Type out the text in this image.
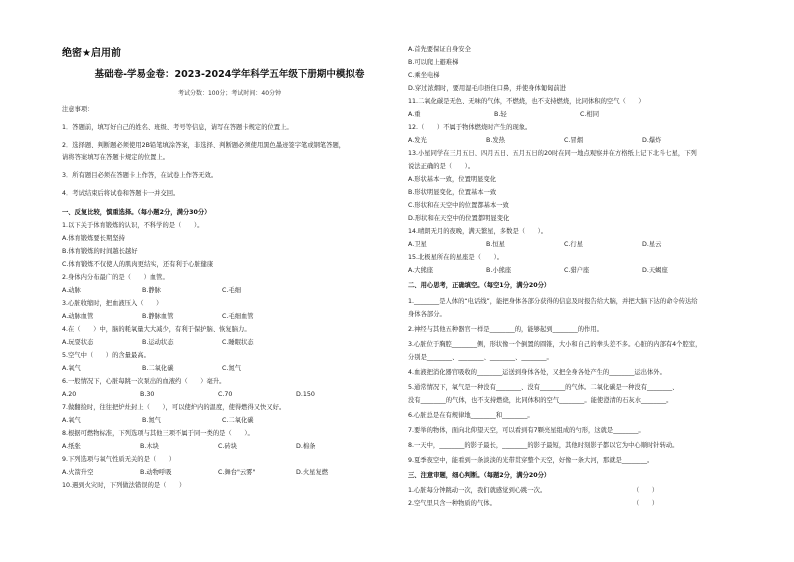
绝密★启用前
基础卷-学易金卷：2023-2024学年科学五年级下册期中模拟卷
考试分数：100分；考试时间：40分钟
注意事项：
1．答题前，填写好自己的姓名、班级、考号等信息，请写在答题卡规定的位置上。
2．选择题、判断题必须使用2B铅笔填涂答案，非选择、判断题必须使用黑色墨迹签字笔或钢笔答题，
请将答案填写在答题卡规定的位置上。
3．所有题目必须在答题卡上作答，在试卷上作答无效。
4．考试结束后将试卷和答题卡一并交回。
一、反复比较，慎重选择。（每小题2分，满分30分）
1.以下关于体育锻炼的认识，不科学的是（　　）。
A.体育锻炼要长期坚持
B.体育锻炼的时间越长越好
C.体育锻炼不仅使人的肌肉更结实，还有利于心脏健康
2.身体内分布最广的是（　　）血管。
A.动脉	B.静脉	C.毛细
3.心脏收缩时，把血液压入（　　）
A.动脉血管	B.静脉血管	C.毛细血管
4.在（　　）中，脑的耗氧量大大减少，有利于保护脑、恢复脑力。
A.玩耍状态	B.运动状态	C.睡眠状态
5.空气中（　　）的含量最高。
A.氧气	B.二氧化碳	C.氮气
6.一般情况下，心脏每跳一次泵出的血液约（　　）毫升。
A.20	B.30	C.70	D.150
7.做翻捡时，往往把炉灶封上（　　），可以使炉内的温度，使得燃得又快又好。
A.氧气	B.氮气	C.二氧化碳
8.根据可燃物标准，下列选项与其他三项不属于同一类的是（　　）。
A.纸张	B.木块	C.砖块	D.棉条
9.下列选项与氧气性质无关的是（　　）
A.火箭升空	B.动物呼吸	C.舞台"云雾"	D.火星复燃
10.遇到火灾时，下列做法错误的是（　　）
A.首先要保证自身安全
B.可以爬上避难梯
C.乘坐电梯
D.穿过浓烟时，要用湿毛巾捂住口鼻，并使身体匍匐前进
11.二氧化碳是无色、无味的气体，不燃烧，也不支持燃烧，比同体积的空气（　　）
A.重	B.轻	C.相同
12.（　　）不属于物体燃烧时产生的现象。
A.发光	B.发热	C.冒烟	D.爆炸
13.小星同学在三月五日、四月五日、五月五日的20时在同一地点观察并在方格纸上记下北斗七星，下列
说法正确的是（　　）。
A.形状基本一致，位置明显变化
B.形状明显变化，位置基本一致
C.形状和在天空中的位置都基本一致
D.形状和在天空中的位置都明显变化
14.晴朗无月的夜晚，满天繁星，多数是（　　）。
A.卫星	B.恒星	C.行星	D.星云
15.北极星所在的星座是（　　）。
A.大熊座	B.小熊座	C.猎户座	D.天蝎座
二、用心思考，正确填空。（每空1分，满分20分）
1.________是人体的“电话线”，能把身体各部分获得的信息及时报告给大脑，并把大脑下达的命令传达给
身体各部分。
2.神经与其他五种器官一样是________的，能够起到________的作用。
3.心脏位于胸腔________侧，形状像一个倒置的圆锥，大小和自己的拳头差不多。心脏的内部有4个腔室，
分别是________、________、________、________。
4.血液把消化器官吸收的________运送到身体各处，又把全身各处产生的________运出体外。
5.通常情况下，氧气是一种没有________、没有________的气体。二氧化碳是一种没有________、
没有________的气体，也不支持燃烧，比同体积的空气________。能使澄清的石灰水________。
6.心脏总是在有规律地________和________。
7.要举的物体，面向北仰望天空，可以看到有7颗亮星组成的勺形，这就是________。
8.一天中，________的影子最长，________的影子最短，其他时刻影子都以它为中心顺时针转动。
9.夏季夜空中，能看到一条淡淡的光带贯穿整个天空，好像一条大河，那就是________。
三、注意审题，细心判断。（每题2分，满分20分）
1.心脏每分钟跳动一次，我们就感觉到心跳一次。	（　　）
2.空气里只含一种物质的气体。	（　　）
